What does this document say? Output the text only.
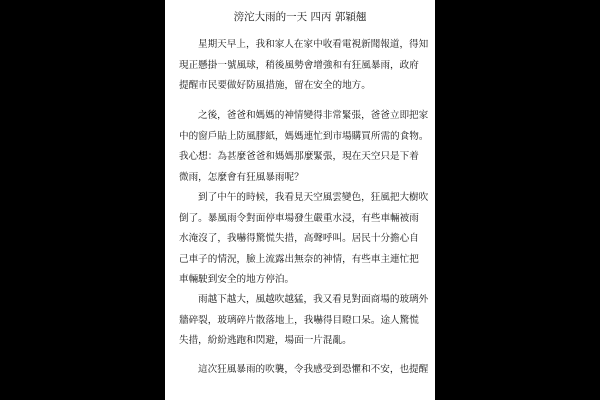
滂沱大雨的一天 四丙 郭穎翹
星期天早上，我和家人在家中收看電視新聞報道，得知
現正懸掛一號風球，稍後風勢會增強和有狂風暴雨，政府
提醒市民要做好防風措施，留在安全的地方。
之後，爸爸和媽媽的神情變得非常緊張，爸爸立即把家
中的窗戶貼上防風膠紙，媽媽連忙到市場購買所需的食物。
我心想：為甚麼爸爸和媽媽那麼緊張，現在天空只是下着
微雨，怎麼會有狂風暴雨呢？
到了中午的時候，我看見天空風雲變色，狂風把大樹吹
倒了。暴風雨令對面停車場發生嚴重水浸，有些車輛被雨
水淹沒了，我嚇得驚慌失措，高聲呼叫。居民十分擔心自
己車子的情況，臉上流露出無奈的神情，有些車主連忙把
車輛駛到安全的地方停泊。
雨越下越大，風越吹越猛，我又看見對面商場的玻璃外
牆碎裂，玻璃碎片散落地上，我嚇得目瞪口呆。途人驚慌
失措，紛紛逃跑和閃避，場面一片混亂。
這次狂風暴雨的吹襲，令我感受到恐懼和不安，也提醒
